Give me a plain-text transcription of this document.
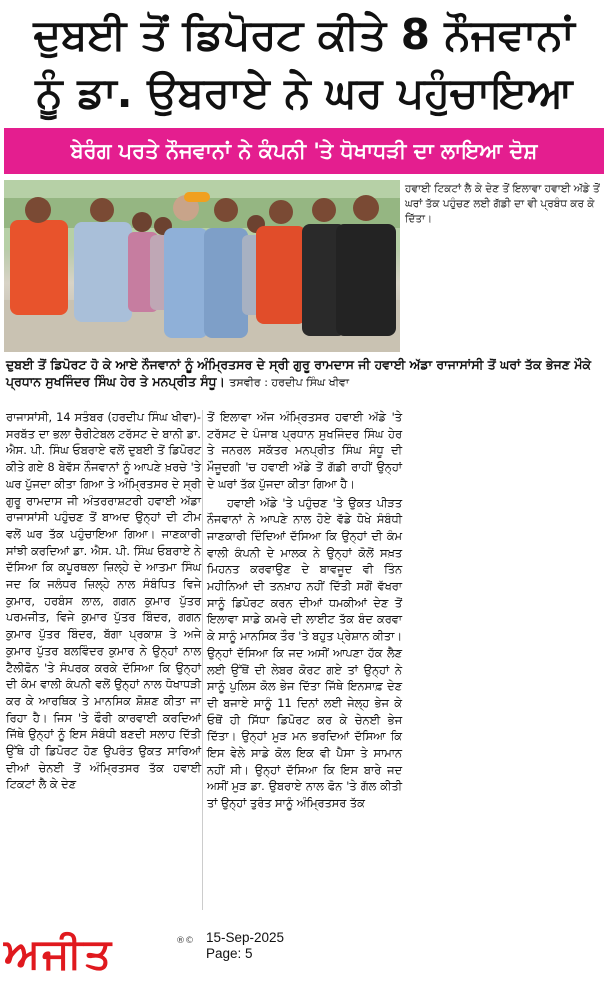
ਦੁਬਈ ਤੋਂ ਡਿਪੋਰਟ ਕੀਤੇ 8 ਨੌਜਵਾਨਾਂ
ਨੂੰ ਡਾ. ਉਬਰਾਏ ਨੇ ਘਰ ਪਹੁੰਚਾਇਆ
ਬੇਰੰਗ ਪਰਤੇ ਨੌਜਵਾਨਾਂ ਨੇ ਕੰਪਨੀ 'ਤੇ ਧੋਖਾਧੜੀ ਦਾ ਲਾਇਆ ਦੋਸ਼
ਹਵਾਈ ਟਿਕਟਾਂ ਲੈ ਕੇ ਦੇਣ ਤੋਂ ਇਲਾਵਾ ਹਵਾਈ ਅੱਡੇ ਤੋਂ ਘਰਾਂ ਤੱਕ ਪਹੁੰਚਣ ਲਈ ਗੱਡੀ ਦਾ ਵੀ ਪ੍ਰਬੰਧ ਕਰ ਕੇ ਦਿੱਤਾ।
ਦੁਬਈ ਤੋਂ ਡਿਪੋਰਟ ਹੋ ਕੇ ਆਏ ਨੌਜਵਾਨਾਂ ਨੂੰ ਅੰਮ੍ਰਿਤਸਰ ਦੇ ਸ੍ਰੀ ਗੁਰੂ ਰਾਮਦਾਸ ਜੀ ਹਵਾਈ ਅੱਡਾ ਰਾਜਾਸਾਂਸੀ ਤੋਂ ਘਰਾਂ ਤੱਕ ਭੇਜਣ ਮੌਕੇ ਪ੍ਰਧਾਨ ਸੁਖਜਿੰਦਰ ਸਿੰਘ ਹੇਰ ਤੇ ਮਨਪ੍ਰੀਤ ਸੰਧੂ। ਤਸਵੀਰ : ਹਰਦੀਪ ਸਿੰਘ ਖੀਵਾ

ਰਾਜਾਸਾਂਸੀ, 14 ਸਤੰਬਰ (ਹਰਦੀਪ ਸਿੰਘ ਖੀਵਾ)-ਸਰਬੱਤ ਦਾ ਭਲਾ ਚੈਰੀਟੇਬਲ ਟਰੱਸਟ ਦੇ ਬਾਨੀ ਡਾ. ਐਸ. ਪੀ. ਸਿੰਘ ਓਬਰਾਏ ਵਲੋਂ ਦੁਬਈ ਤੋਂ ਡਿਪੋਰਟ ਕੀਤੇ ਗਏ 8 ਬੇਵੱਸ ਨੌਜਵਾਨਾਂ ਨੂੰ ਆਪਣੇ ਖ਼ਰਚੇ 'ਤੇ ਘਰ ਪੁੱਜਦਾ ਕੀਤਾ ਗਿਆ ਤੇ ਅੰਮ੍ਰਿਤਸਰ ਦੇ ਸ੍ਰੀ ਗੁਰੂ ਰਾਮਦਾਸ ਜੀ ਅੰਤਰਰਾਸ਼ਟਰੀ ਹਵਾਈ ਅੱਡਾ ਰਾਜਾਸਾਂਸੀ ਪਹੁੰਚਣ ਤੋਂ ਬਾਅਦ ਉਨ੍ਹਾਂ ਦੀ ਟੀਮ ਵਲੋਂ ਘਰ ਤੱਕ ਪਹੁੰਚਾਇਆ ਗਿਆ। ਜਾਣਕਾਰੀ ਸਾਂਝੀ ਕਰਦਿਆਂ ਡਾ. ਐਸ. ਪੀ. ਸਿੰਘ ਓਬਰਾਏ ਨੇ ਦੱਸਿਆ ਕਿ ਕਪੂਰਥਲਾ ਜ਼ਿਲ੍ਹੇ ਦੇ ਆਤਮਾ ਸਿੰਘ ਜਦ ਕਿ ਜਲੰਧਰ ਜ਼ਿਲ੍ਹੇ ਨਾਲ ਸੰਬੰਧਿਤ ਵਿਜੇ ਕੁਮਾਰ, ਹਰਬੰਸ ਲਾਲ, ਗਗਨ ਕੁਮਾਰ ਪੁੱਤਰ ਪਰਮਜੀਤ, ਵਿਜੇ ਕੁਮਾਰ ਪੁੱਤਰ ਬਿੰਦਰ, ਗਗਨ ਕੁਮਾਰ ਪੁੱਤਰ ਬਿੰਦਰ, ਬੱਗਾ ਪ੍ਰਕਾਸ਼ ਤੇ ਅਜੇ ਕੁਮਾਰ ਪੁੱਤਰ ਬਲਵਿੰਦਰ ਕੁਮਾਰ ਨੇ ਉਨ੍ਹਾਂ ਨਾਲ ਟੈਲੀਫੋਨ 'ਤੇ ਸੰਪਰਕ ਕਰਕੇ ਦੱਸਿਆ ਕਿ ਉਨ੍ਹਾਂ ਦੀ ਕੰਮ ਵਾਲੀ ਕੰਪਨੀ ਵਲੋਂ ਉਨ੍ਹਾਂ ਨਾਲ ਧੋਖਾਧੜੀ ਕਰ ਕੇ ਆਰਥਿਕ ਤੇ ਮਾਨਸਿਕ ਸ਼ੋਸ਼ਣ ਕੀਤਾ ਜਾ ਰਿਹਾ ਹੈ। ਜਿਸ 'ਤੇ ਫੌਰੀ ਕਾਰਵਾਈ ਕਰਦਿਆਂ ਜਿੱਥੇ ਉਨ੍ਹਾਂ ਨੂੰ ਇਸ ਸੰਬੰਧੀ ਬਣਦੀ ਸਲਾਹ ਦਿੱਤੀ ਉੱਥੇ ਹੀ ਡਿਪੋਰਟ ਹੋਣ ਉਪਰੰਤ ਉਕਤ ਸਾਰਿਆਂ ਦੀਆਂ ਚੇਨਈ ਤੋਂ ਅੰਮ੍ਰਿਤਸਰ ਤੱਕ ਹਵਾਈ ਟਿਕਟਾਂ ਲੈ ਕੇ ਦੇਣ

ਤੋਂ ਇਲਾਵਾ ਅੱਜ ਅੰਮ੍ਰਿਤਸਰ ਹਵਾਈ ਅੱਡੇ 'ਤੇ ਟਰੱਸਟ ਦੇ ਪੰਜਾਬ ਪ੍ਰਧਾਨ ਸੁਖਜਿੰਦਰ ਸਿੰਘ ਹੇਰ ਤੇ ਜਨਰਲ ਸਕੱਤਰ ਮਨਪ੍ਰੀਤ ਸਿੰਘ ਸੰਧੂ ਦੀ ਮੌਜੂਦਗੀ 'ਚ ਹਵਾਈ ਅੱਡੇ ਤੋਂ ਗੱਡੀ ਰਾਹੀਂ ਉਨ੍ਹਾਂ ਦੇ ਘਰਾਂ ਤੱਕ ਪੁੱਜਦਾ ਕੀਤਾ ਗਿਆ ਹੈ।

ਹਵਾਈ ਅੱਡੇ 'ਤੇ ਪਹੁੰਚਣ 'ਤੇ ਉਕਤ ਪੀੜਤ ਨੌਜਵਾਨਾਂ ਨੇ ਆਪਣੇ ਨਾਲ ਹੋਏ ਵੱਡੇ ਧੋਖੇ ਸੰਬੰਧੀ ਜਾਣਕਾਰੀ ਦਿੰਦਿਆਂ ਦੱਸਿਆ ਕਿ ਉਨ੍ਹਾਂ ਦੀ ਕੰਮ ਵਾਲੀ ਕੰਪਨੀ ਦੇ ਮਾਲਕ ਨੇ ਉਨ੍ਹਾਂ ਕੋਲੋਂ ਸਖ਼ਤ ਮਿਹਨਤ ਕਰਵਾਉਣ ਦੇ ਬਾਵਜੂਦ ਵੀ ਤਿੰਨ ਮਹੀਨਿਆਂ ਦੀ ਤਨਖ਼ਾਹ ਨਹੀਂ ਦਿੱਤੀ ਸਗੋਂ ਵੱਖਰਾ ਸਾਨੂੰ ਡਿਪੋਰਟ ਕਰਨ ਦੀਆਂ ਧਮਕੀਆਂ ਦੇਣ ਤੋਂ ਇਲਾਵਾ ਸਾਡੇ ਕਮਰੇ ਦੀ ਲਾਈਟ ਤੱਕ ਬੰਦ ਕਰਵਾ ਕੇ ਸਾਨੂੰ ਮਾਨਸਿਕ ਤੌਰ 'ਤੇ ਬਹੁਤ ਪ੍ਰੇਸ਼ਾਨ ਕੀਤਾ। ਉਨ੍ਹਾਂ ਦੱਸਿਆ ਕਿ ਜਦ ਅਸੀਂ ਆਪਣਾ ਹੱਕ ਲੈਣ ਲਈ ਉੱਥੋਂ ਦੀ ਲੇਬਰ ਕੋਰਟ ਗਏ ਤਾਂ ਉਨ੍ਹਾਂ ਨੇ ਸਾਨੂੰ ਪੁਲਿਸ ਕੋਲ ਭੇਜ ਦਿੱਤਾ ਜਿੱਥੇ ਇਨਸਾਫ਼ ਦੇਣ ਦੀ ਬਜਾਏ ਸਾਨੂੰ 11 ਦਿਨਾਂ ਲਈ ਜੇਲ੍ਹ ਭੇਜ ਕੇ ਓਥੋਂ ਹੀ ਸਿੱਧਾ ਡਿਪੋਰਟ ਕਰ ਕੇ ਚੇਨਈ ਭੇਜ ਦਿੱਤਾ। ਉਨ੍ਹਾਂ ਮੁੜ ਮਨ ਭਰਦਿਆਂ ਦੱਸਿਆ ਕਿ ਇਸ ਵੇਲੇ ਸਾਡੇ ਕੋਲ ਇਕ ਵੀ ਪੈਸਾ ਤੇ ਸਾਮਾਨ ਨਹੀਂ ਸੀ। ਉਨ੍ਹਾਂ ਦੱਸਿਆ ਕਿ ਇਸ ਬਾਰੇ ਜਦ ਅਸੀਂ ਮੁੜ ਡਾ. ਉਬਰਾਏ ਨਾਲ ਫੋਨ 'ਤੇ ਗੱਲ ਕੀਤੀ ਤਾਂ ਉਨ੍ਹਾਂ ਤੁਰੰਤ ਸਾਨੂੰ ਅੰਮ੍ਰਿਤਸਰ ਤੱਕ

ਅਜੀਤ	®© 15-Sep-2025
Page: 5
